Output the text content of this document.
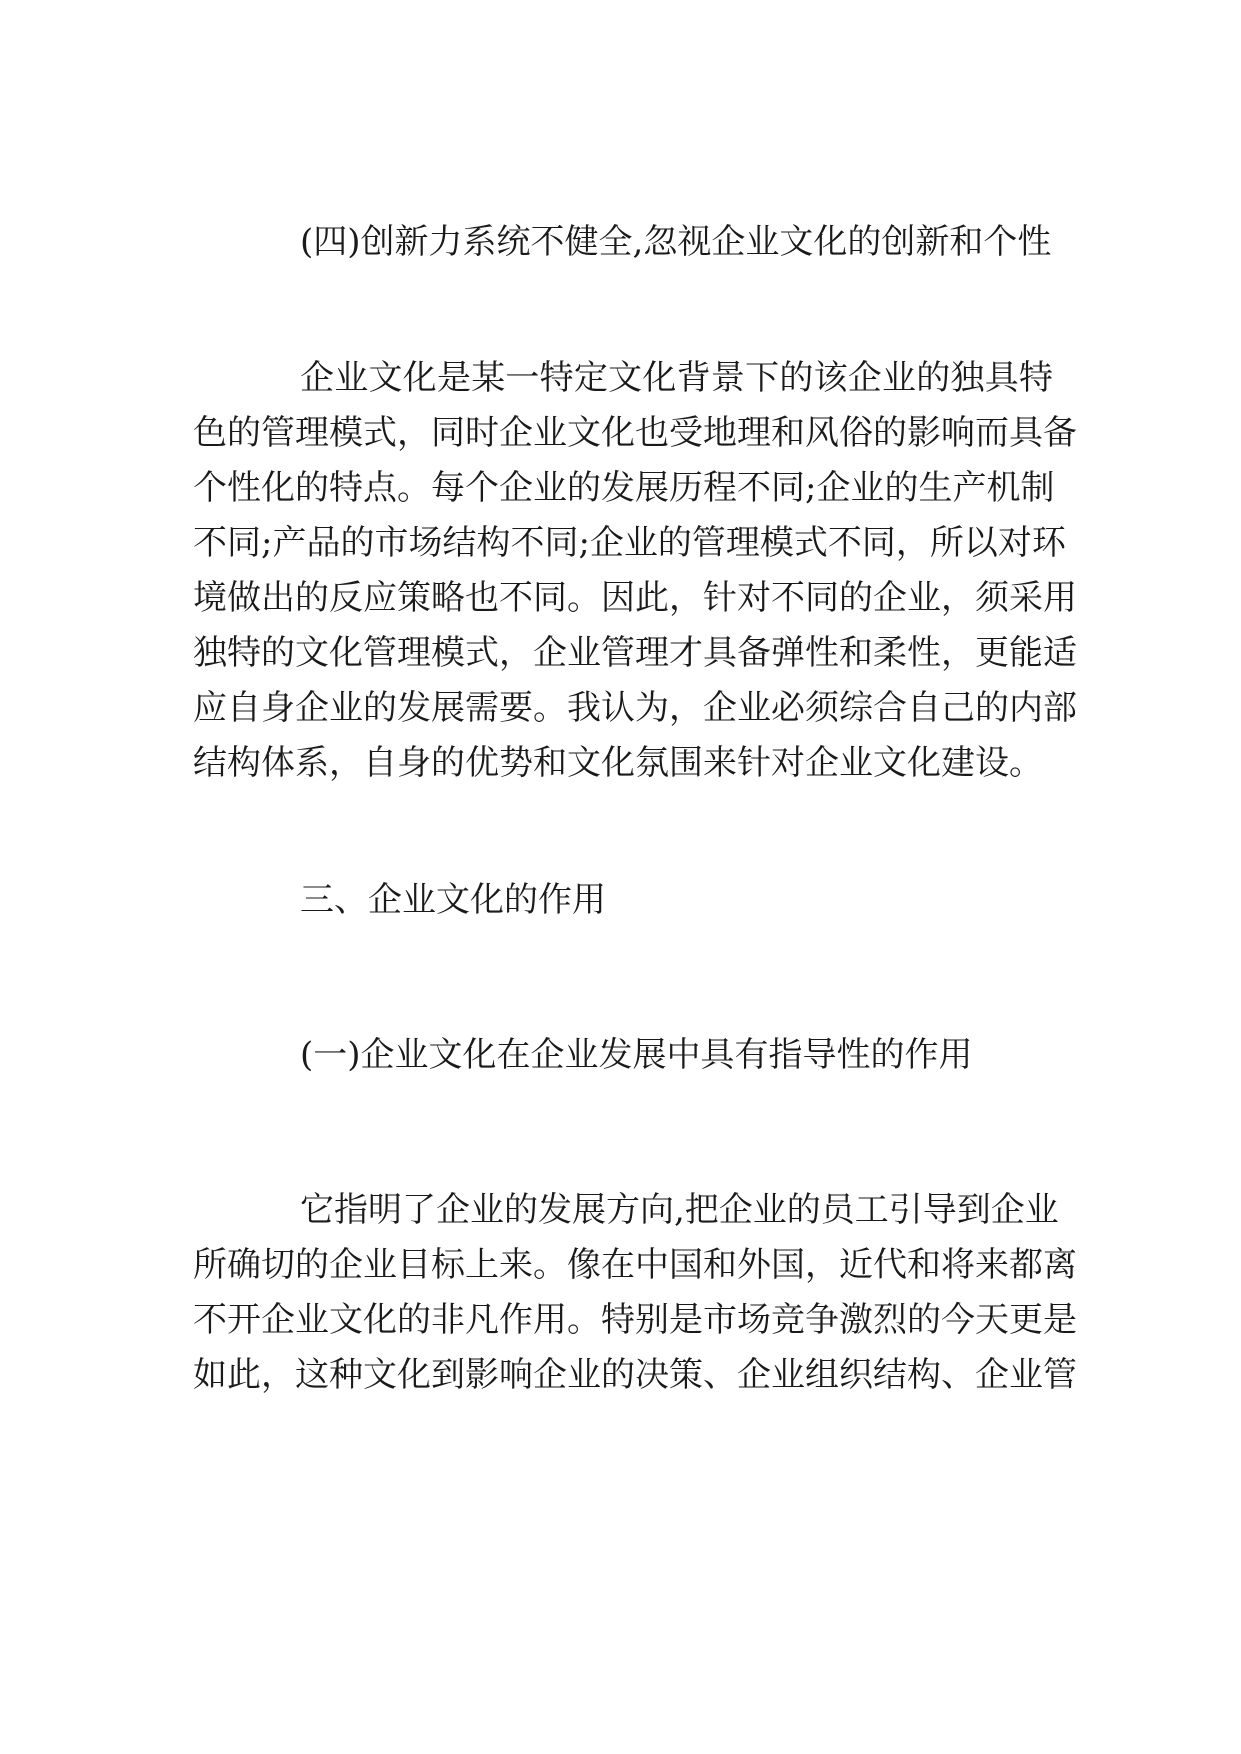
(四)创新力系统不健全,忽视企业文化的创新和个性
企业文化是某一特定文化背景下的该企业的独具特
色的管理模式，同时企业文化也受地理和风俗的影响而具备
个性化的特点。每个企业的发展历程不同;企业的生产机制
不同;产品的市场结构不同;企业的管理模式不同，所以对环
境做出的反应策略也不同。因此，针对不同的企业，须采用
独特的文化管理模式，企业管理才具备弹性和柔性，更能适
应自身企业的发展需要。我认为，企业必须综合自己的内部
结构体系，自身的优势和文化氛围来针对企业文化建设。
三、企业文化的作用
(一)企业文化在企业发展中具有指导性的作用
它指明了企业的发展方向,把企业的员工引导到企业
所确切的企业目标上来。像在中国和外国，近代和将来都离
不开企业文化的非凡作用。特别是市场竞争激烈的今天更是
如此，这种文化到影响企业的决策、企业组织结构、企业管
